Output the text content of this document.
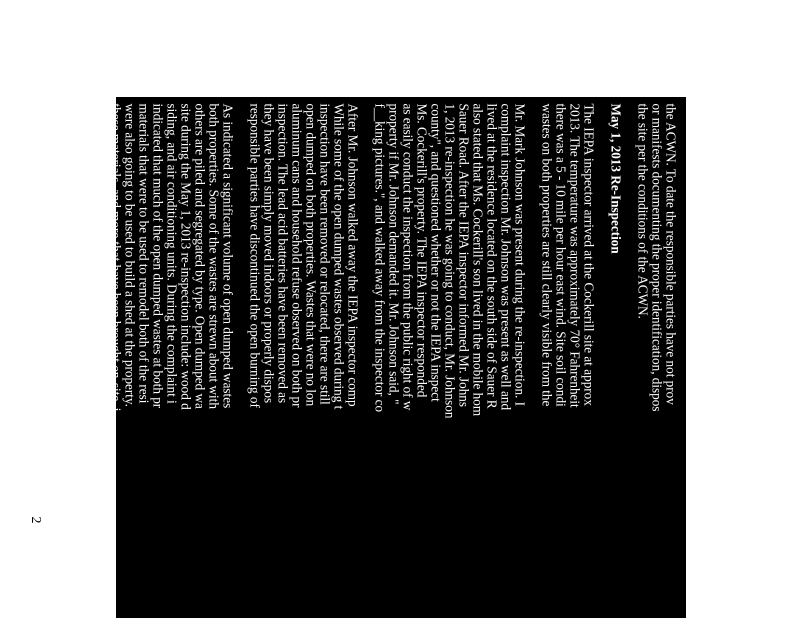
2
the ACWN. To date the responsible parties have not prov
or manifests documenting the proper identification, dispos
the site per the conditions of the ACWN.
May 1, 2013 Re-Inspection
The IEPA inspector arrived at the Cockerill site at approx
2013. The temperature was approximately 70° Fahrenheit
there was a 5 - 10 mile per hour east wind. Site soil condi
wastes on both properties are still clearly visible from the
Mr. Mark Johnson was present during the re-inspection. I
complaint inspection Mr. Johnson was present as well and
lived at the residence located on the south side of Sauer R
also stated that Ms. Cockerill's son lived in the mobile hom
Sauer Road. After the IEPA inspector informed Mr. Johns
1, 2013 re-inspection he was going to conduct, Mr. Johnson
county", and questioned whether or not the IEPA inspect
Ms. Cockerill's property. The IEPA inspector responded
as easily conduct the inspection from the public right of w
property if Mr. Johnson demanded it. Mr. Johnson said, "
f__king pictures.", and walked away from the inspector co
After Mr. Johnson walked away the IEPA inspector comp
While some of the open dumped wastes observed during t
inspection have been removed or relocated, there are still
open dumped on both properties. Wastes that were no lon
aluminum cans and household refuse observed on both pr
inspection. The lead acid batteries have been removed as
they have been simply moved indoors or properly dispos
responsible parties have discontinued the open burning of
As indicated a significant volume of open dumped wastes
both properties. Some of the wastes are strewn about with
others are piled and segregated by type. Open dumped wa
site during the May 1, 2013 re-inspection include: wood d
siding, and air conditioning units. During the complaint i
indicated that much of the open dumped wastes at both pr
materials that were to be used to remodel both of the resi
were also going to be used to build a shed at the property.
these materials, and more that have been brought on-site, i
interview Mr. Johnson indicated that he had totaled out hi
resulting in an injury and had been unable to work for 6 m
inspection Mr. Johnson was roto-tilling a roughly ¼ acre
